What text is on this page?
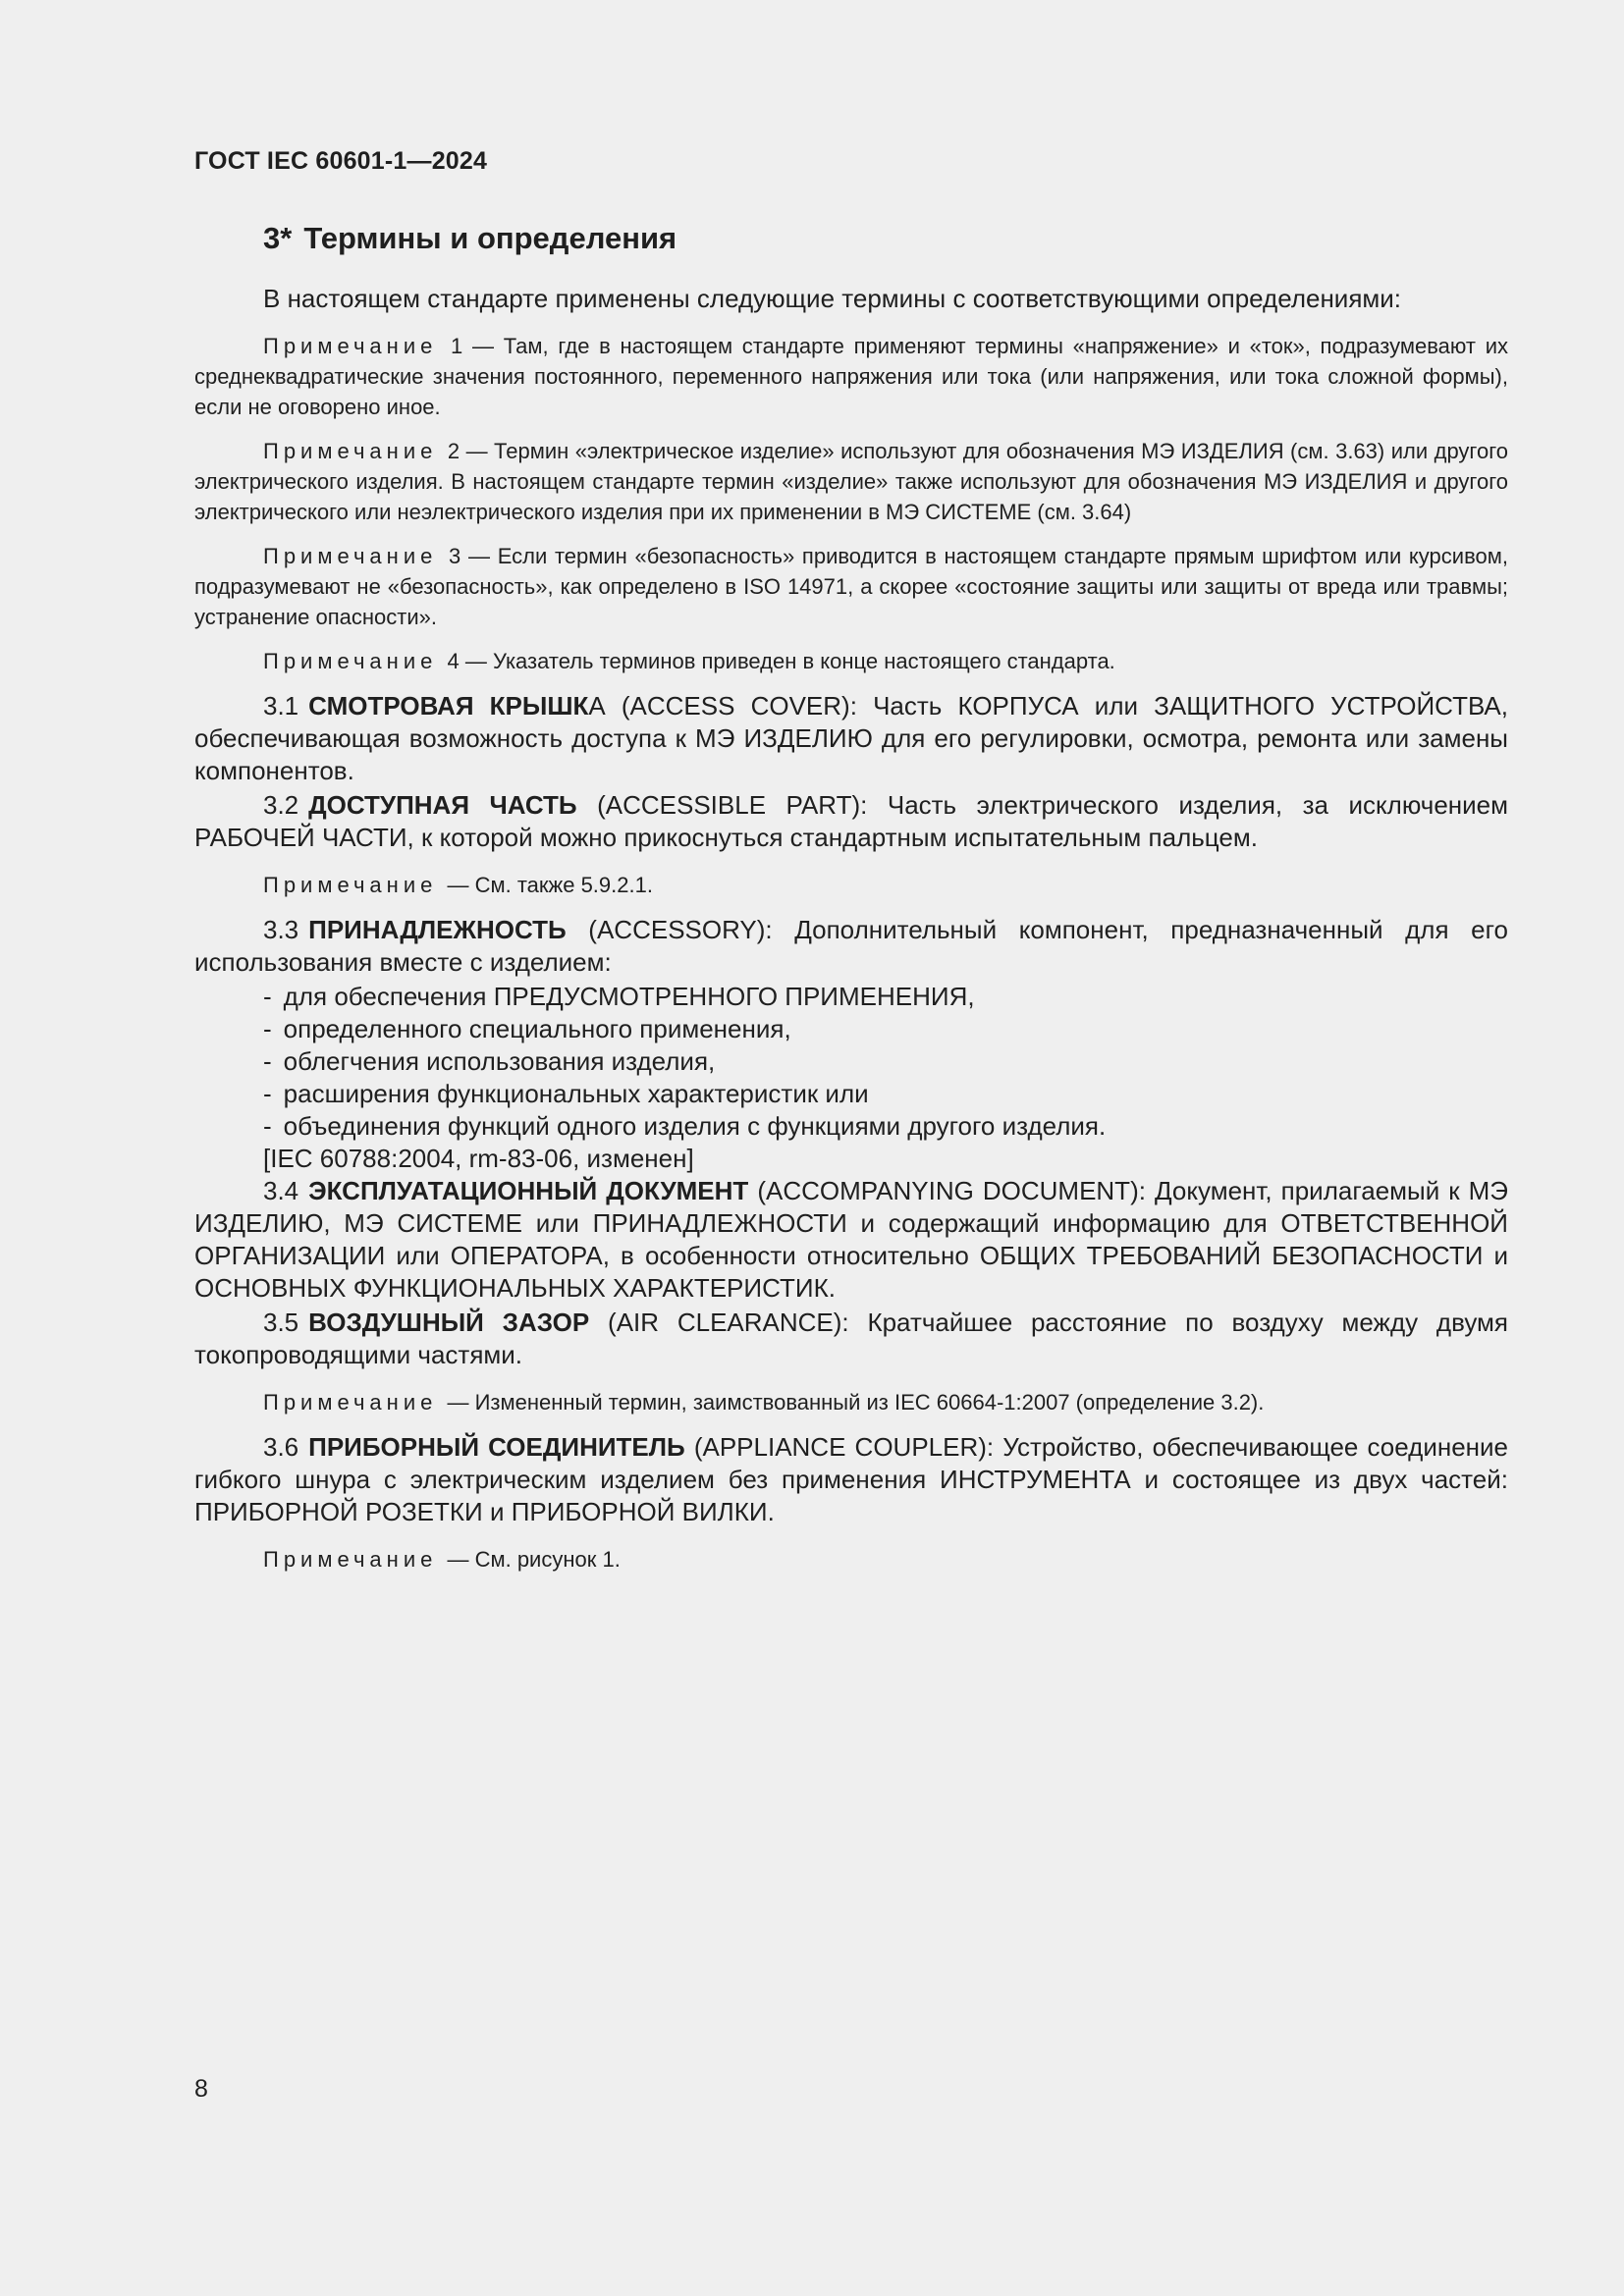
ГОСТ IEC 60601-1—2024
3* Термины и определения

В настоящем стандарте применены следующие термины с соответствующими определениями:

Примечание 1 — Там, где в настоящем стандарте применяют термины «напряжение» и «ток», подразумевают их среднеквадратические значения постоянного, переменного напряжения или тока (или напряжения, или тока сложной формы), если не оговорено иное.

Примечание 2 — Термин «электрическое изделие» используют для обозначения МЭ ИЗДЕЛИЯ (см. 3.63) или другого электрического изделия. В настоящем стандарте термин «изделие» также используют для обозначения МЭ ИЗДЕЛИЯ и другого электрического или неэлектрического изделия при их применении в МЭ СИСТЕМЕ (см. 3.64)

Примечание 3 — Если термин «безопасность» приводится в настоящем стандарте прямым шрифтом или курсивом, подразумевают не «безопасность», как определено в ISO 14971, а скорее «состояние защиты или защиты от вреда или травмы; устранение опасности».

Примечание 4 — Указатель терминов приведен в конце настоящего стандарта.

3.1 СМОТРОВАЯ КРЫШКА (ACCESS COVER): Часть КОРПУСА или ЗАЩИТНОГО УСТРОЙСТВА, обеспечивающая возможность доступа к МЭ ИЗДЕЛИЮ для его регулировки, осмотра, ремонта или замены компонентов.

3.2 ДОСТУПНАЯ ЧАСТЬ (ACCESSIBLE PART): Часть электрического изделия, за исключением РАБОЧЕЙ ЧАСТИ, к которой можно прикоснуться стандартным испытательным пальцем.

Примечание — См. также 5.9.2.1.

3.3 ПРИНАДЛЕЖНОСТЬ (ACCESSORY): Дополнительный компонент, предназначенный для его использования вместе с изделием:

- для обеспечения ПРЕДУСМОТРЕННОГО ПРИМЕНЕНИЯ,
- определенного специального применения,
- облегчения использования изделия,
- расширения функциональных характеристик или
- объединения функций одного изделия с функциями другого изделия.

[IEC 60788:2004, rm-83-06, изменен]

3.4 ЭКСПЛУАТАЦИОННЫЙ ДОКУМЕНТ (ACCOMPANYING DOCUMENT): Документ, прилагаемый к МЭ ИЗДЕЛИЮ, МЭ СИСТЕМЕ или ПРИНАДЛЕЖНОСТИ и содержащий информацию для ОТВЕТСТВЕННОЙ ОРГАНИЗАЦИИ или ОПЕРАТОРА, в особенности относительно ОБЩИХ ТРЕБОВАНИЙ БЕЗОПАСНОСТИ и ОСНОВНЫХ ФУНКЦИОНАЛЬНЫХ ХАРАКТЕРИСТИК.

3.5 ВОЗДУШНЫЙ ЗАЗОР (AIR CLEARANCE): Кратчайшее расстояние по воздуху между двумя токопроводящими частями.

Примечание — Измененный термин, заимствованный из IEC 60664-1:2007 (определение 3.2).

3.6 ПРИБОРНЫЙ СОЕДИНИТЕЛЬ (APPLIANCE COUPLER): Устройство, обеспечивающее соединение гибкого шнура с электрическим изделием без применения ИНСТРУМЕНТА и состоящее из двух частей: ПРИБОРНОЙ РОЗЕТКИ и ПРИБОРНОЙ ВИЛКИ.

Примечание — См. рисунок 1.

8
